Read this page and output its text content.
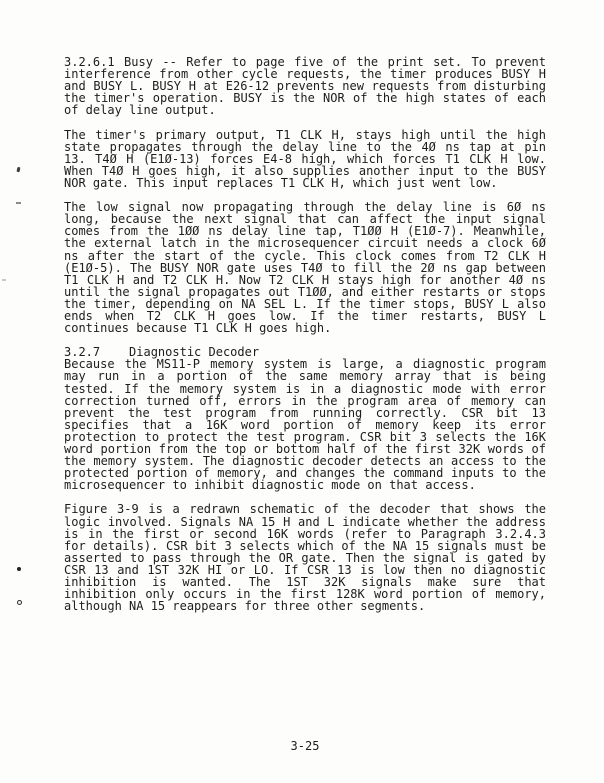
3.2.6.1 Busy -- Refer to page five of the print set. To prevent
interference from other cycle requests, the timer produces BUSY H
and BUSY L. BUSY H at E26-12 prevents new requests from disturbing
the timer's operation. BUSY is the NOR of the high states of each
of delay line output.
The timer's primary output, T1 CLK H, stays high until the high
state propagates through the delay line to the 4Ø ns tap at pin
13. T4Ø H (E1Ø-13) forces E4-8 high, which forces T1 CLK H low.
When T4Ø H goes high, it also supplies another input to the BUSY
NOR gate. This input replaces T1 CLK H, which just went low.
The low signal now propagating through the delay line is 6Ø ns
long, because the next signal that can affect the input signal
comes from the 1ØØ ns delay line tap, T1ØØ H (E1Ø-7). Meanwhile,
the external latch in the microsequencer circuit needs a clock 6Ø
ns after the start of the cycle. This clock comes from T2 CLK H
(E1Ø-5). The BUSY NOR gate uses T4Ø to fill the 2Ø ns gap between
T1 CLK H and T2 CLK H. Now T2 CLK H stays high for another 4Ø ns
until the signal propagates out T1ØØ, and either restarts or stops
the timer, depending on NA SEL L. If the timer stops, BUSY L also
ends when T2 CLK H goes low. If the timer restarts, BUSY L
continues because T1 CLK H goes high.
3.2.7    Diagnostic Decoder
Because the MS11-P memory system is large, a diagnostic program
may run in a portion of the same memory array that is being
tested. If the memory system is in a diagnostic mode with error
correction turned off, errors in the program area of memory can
prevent the test program from running correctly. CSR bit 13
specifies that a 16K word portion of memory keep its error
protection to protect the test program. CSR bit 3 selects the 16K
word portion from the top or bottom half of the first 32K words of
the memory system. The diagnostic decoder detects an access to the
protected portion of memory, and changes the command inputs to the
microsequencer to inhibit diagnostic mode on that access.
Figure 3-9 is a redrawn schematic of the decoder that shows the
logic involved. Signals NA 15 H and L indicate whether the address
is in the first or second 16K words (refer to Paragraph 3.2.4.3
for details). CSR bit 3 selects which of the NA 15 signals must be
asserted to pass through the OR gate. Then the signal is gated by
CSR 13 and 1ST 32K HI or LO. If CSR 13 is low then no diagnostic
inhibition is wanted. The 1ST 32K signals make sure that
inhibition only occurs in the first 128K word portion of memory,
although NA 15 reappears for three other segments.
3-25
